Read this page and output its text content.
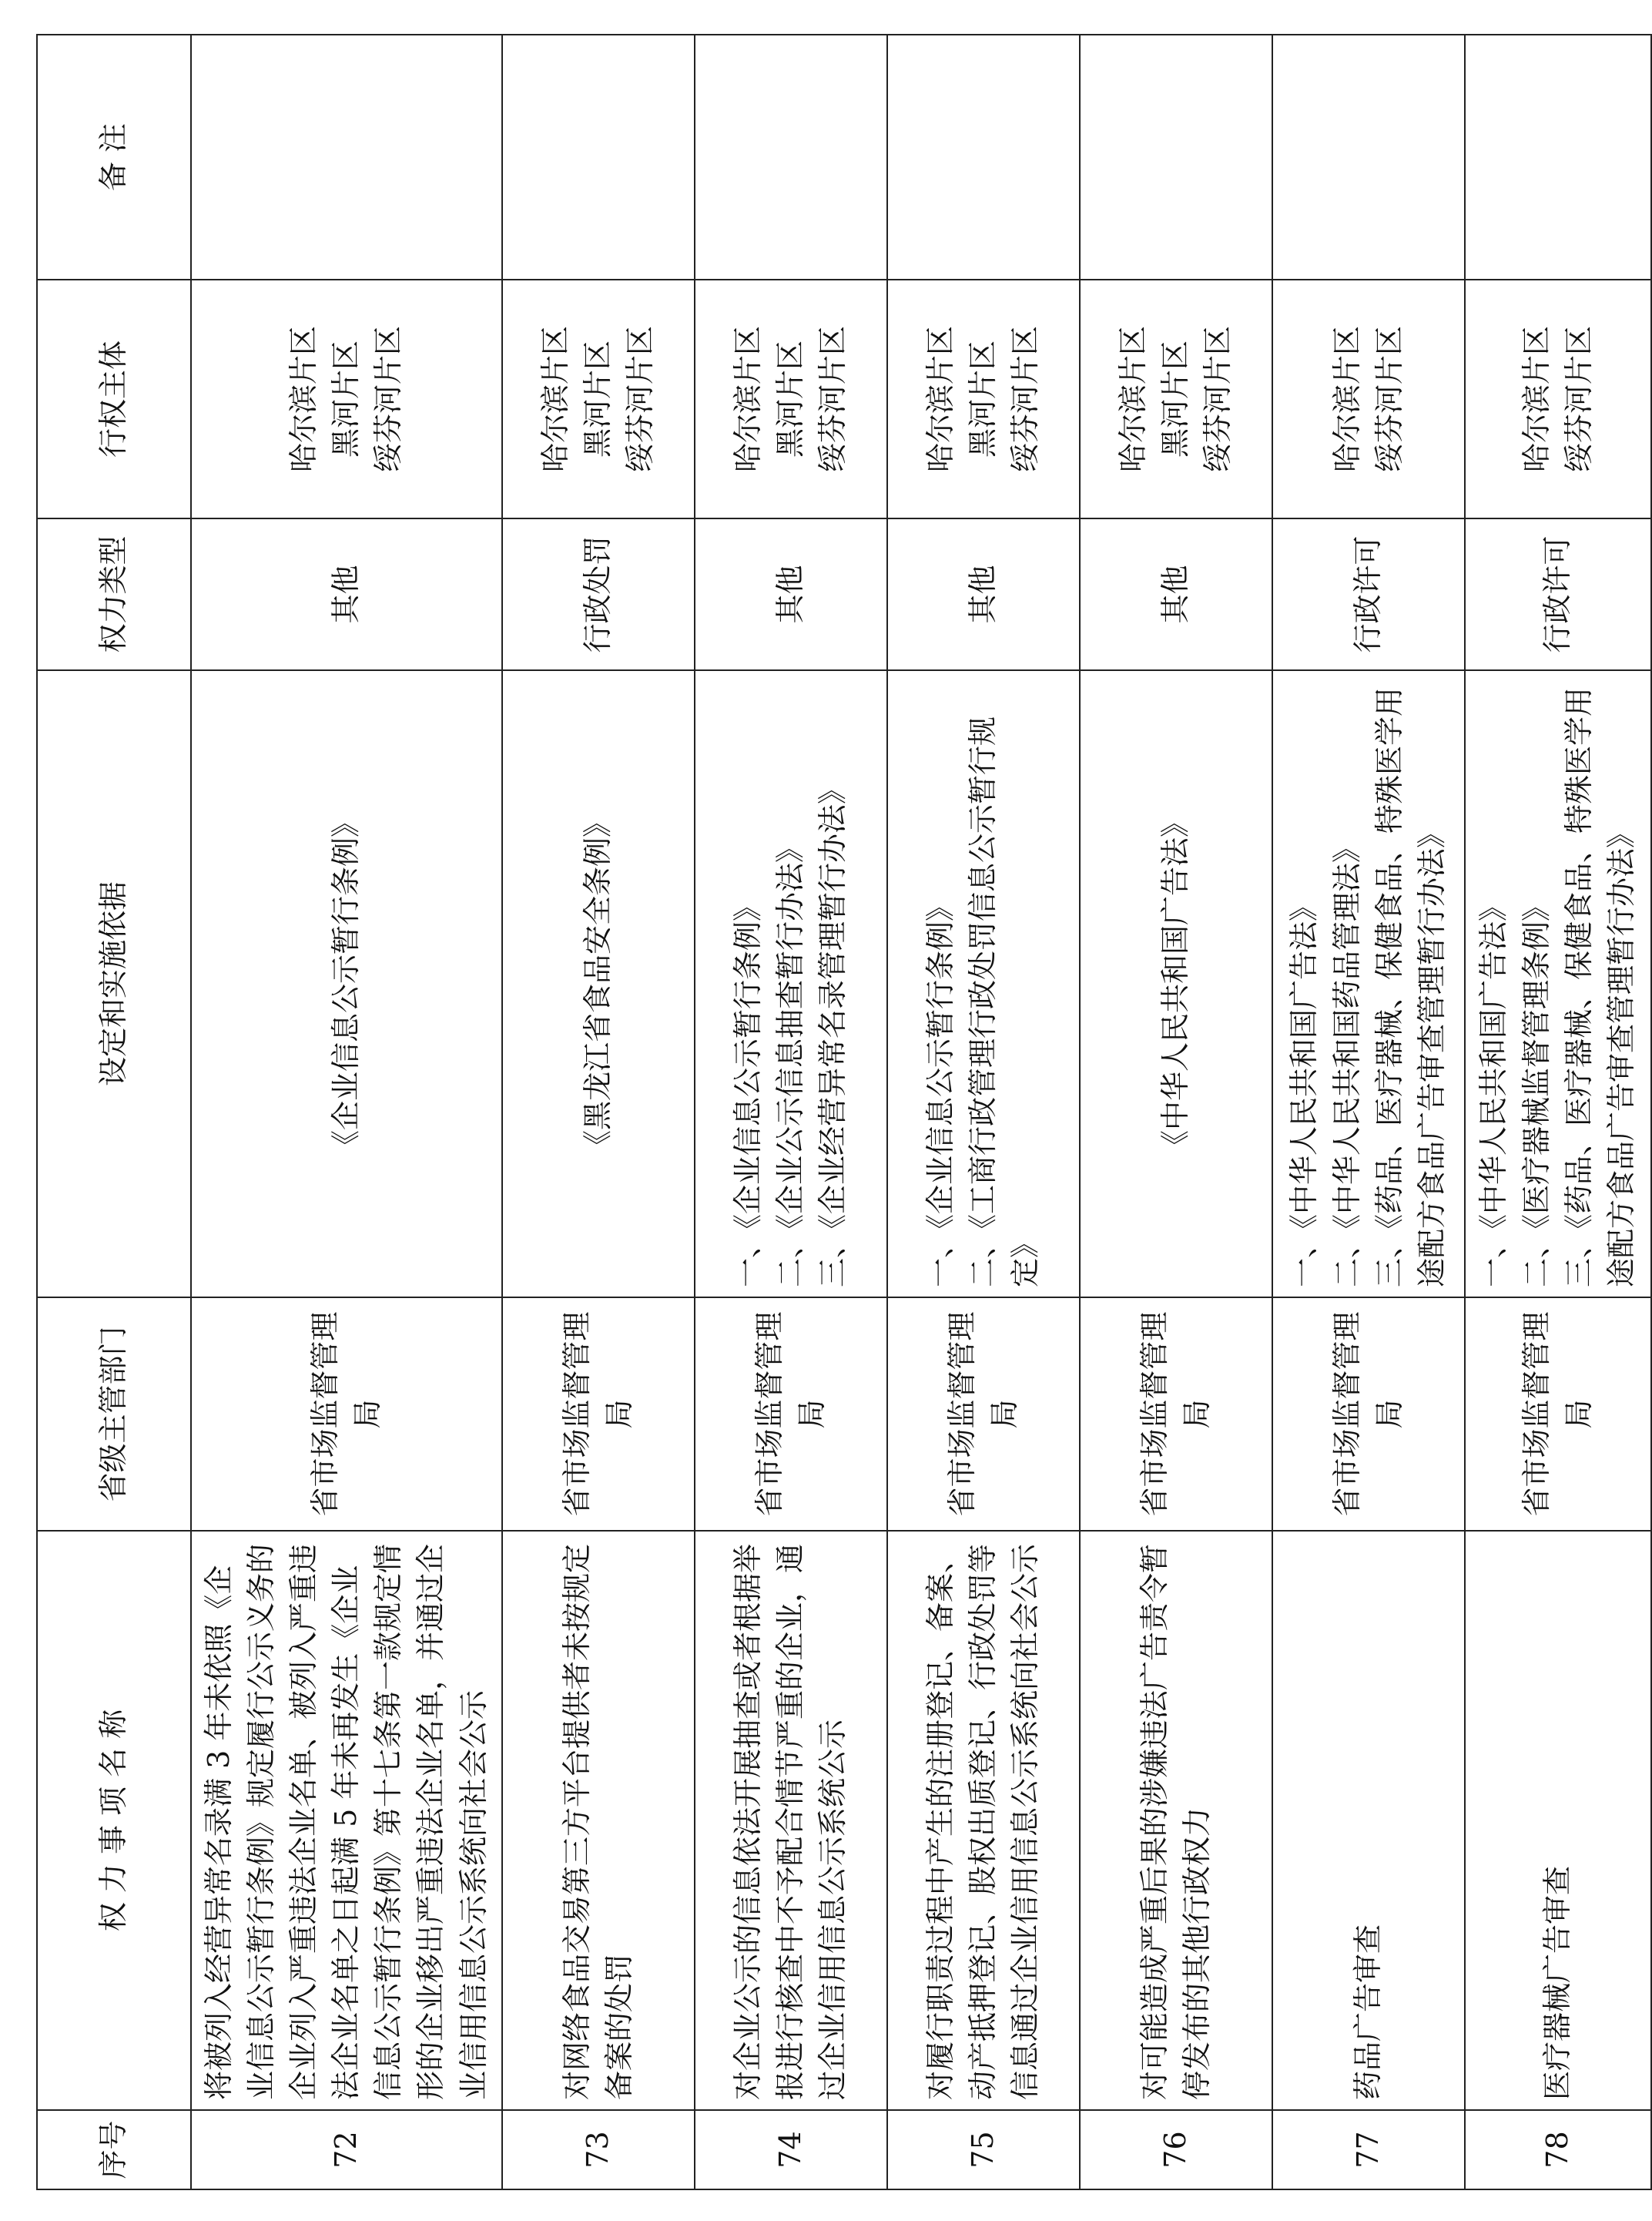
序号	权 力 事 项 名 称	省级主管部门	设定和实施依据	权力类型	行权主体	备 注
72	将被列入经营异常名录满 3 年未依照《企业信息公示暂行条例》规定履行公示义务的企业列入严重违法企业名单、被列入严重违法企业名单之日起满 5 年未再发生《企业信息公示暂行条例》第十七条第一款规定情形的企业移出严重违法企业名单，并通过企业信用信息公示系统向社会公示	省市场监督管理局	《企业信息公示暂行条例》	其他	哈尔滨片区 黑河片区 绥芬河片区	

73	对网络食品交易第三方平台提供者未按规定备案的处罚	省市场监督管理局	《黑龙江省食品安全条例》	行政处罚	哈尔滨片区 黑河片区 绥芬河片区	

74	对企业公示的信息依法开展抽查或者根据举报进行核查中不予配合情节严重的企业，通过企业信用信息公示系统公示	省市场监督管理局	一、《企业信息公示暂行条例》 二、《企业公示信息抽查暂行办法》 三、《企业经营异常名录管理暂行办法》	其他	哈尔滨片区 黑河片区 绥芬河片区	

75	对履行职责过程中产生的注册登记、备案、动产抵押登记、股权出质登记、行政处罚等信息通过企业信用信息公示系统向社会公示	省市场监督管理局	一、《企业信息公示暂行条例》 二、《工商行政管理行政处罚信息公示暂行规定》	其他	哈尔滨片区 黑河片区 绥芬河片区	

76	对可能造成严重后果的涉嫌违法广告责令暂停发布的其他行政权力	省市场监督管理局	《中华人民共和国广告法》	其他	哈尔滨片区 黑河片区 绥芬河片区	

77	药品广告审查	省市场监督管理局	一、《中华人民共和国广告法》 二、《中华人民共和国药品管理法》 三、《药品、医疗器械、保健食品、特殊医学用途配方食品广告审查管理暂行办法》	行政许可	哈尔滨片区 绥芬河片区	

78	医疗器械广告审查	省市场监督管理局	一、《中华人民共和国广告法》 二、《医疗器械监督管理条例》 三、《药品、医疗器械、保健食品、特殊医学用途配方食品广告审查管理暂行办法》	行政许可	哈尔滨片区 绥芬河片区	
